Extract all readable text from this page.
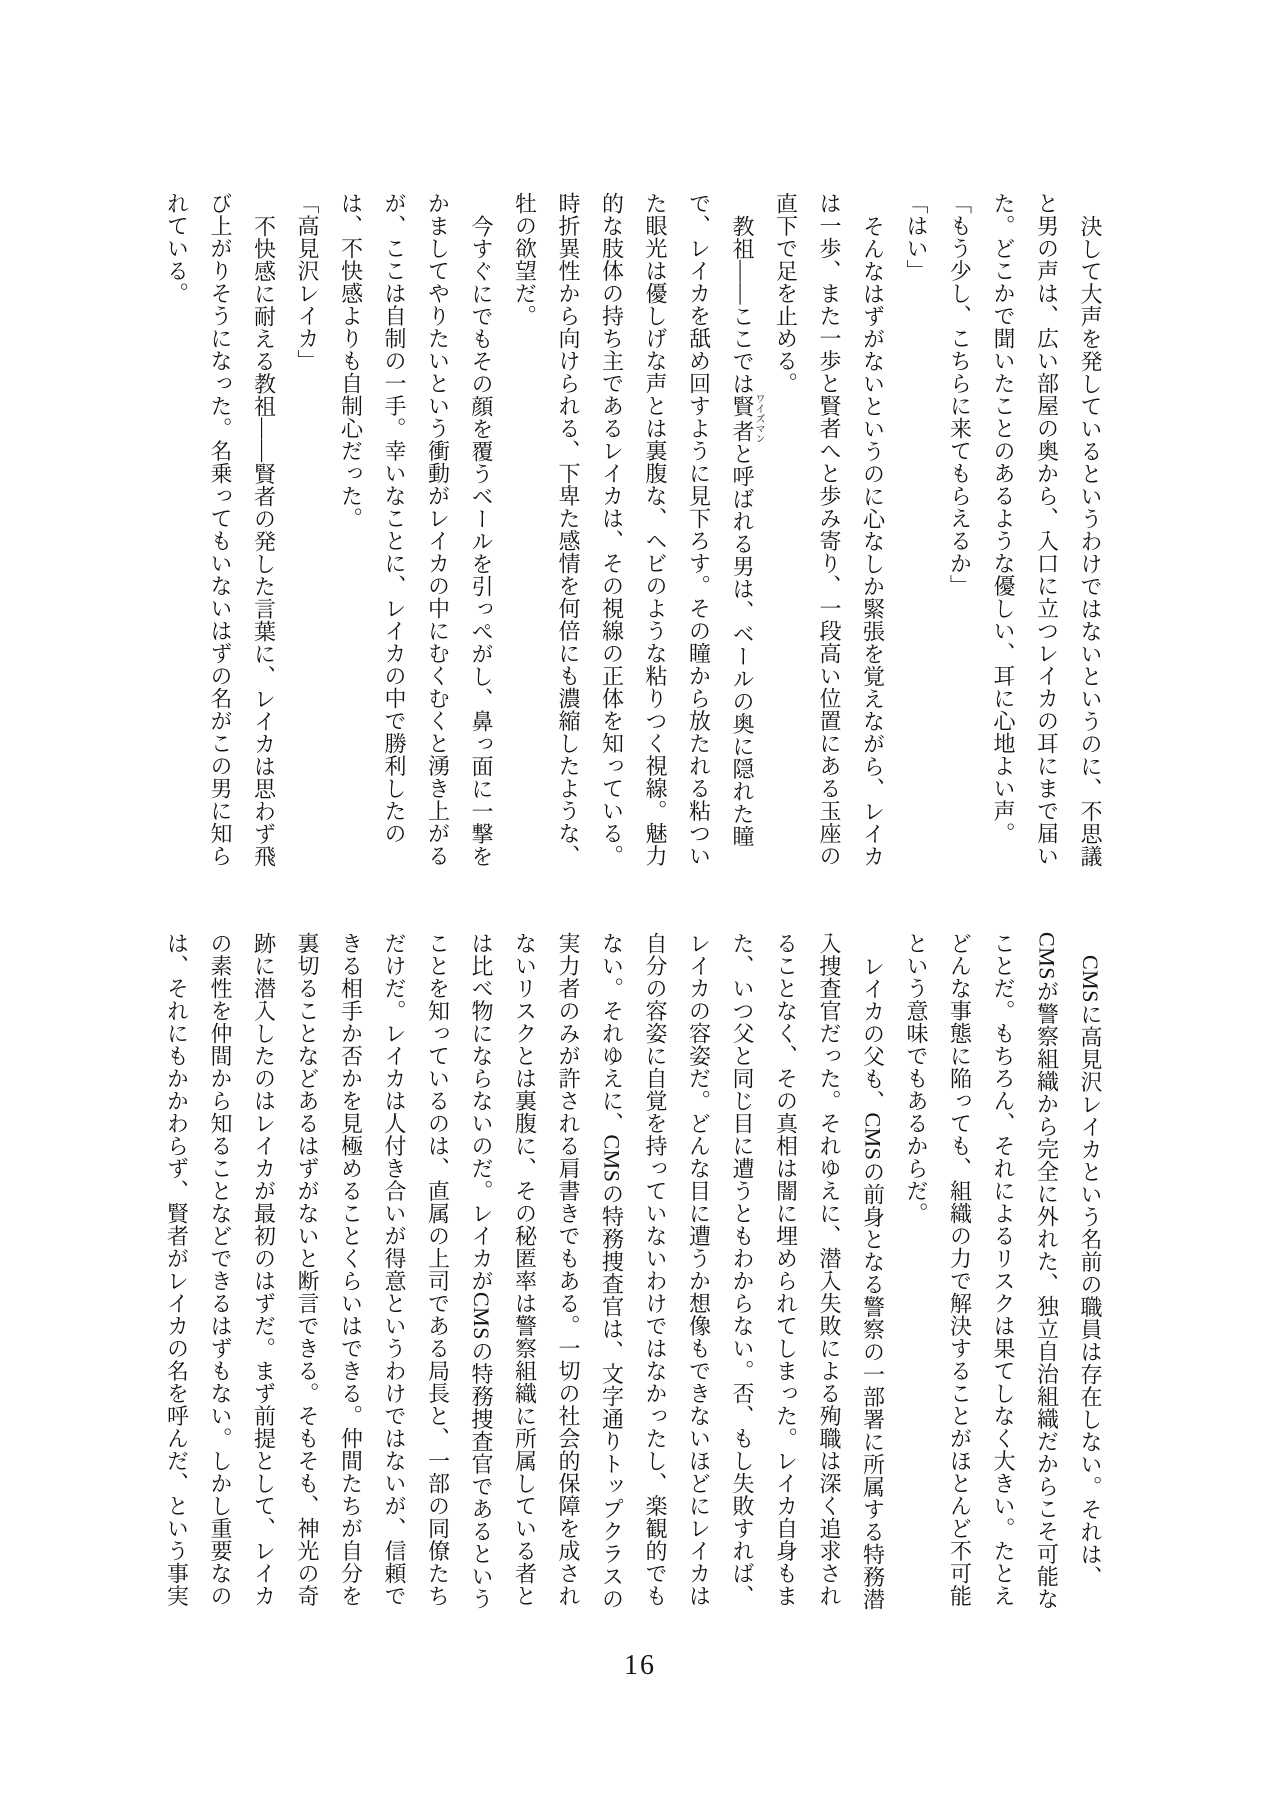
決して大声を発しているというわけではないというのに、不思議と男の声は、広い部屋の奥から、入口に立つレイカの耳にまで届いた。どこかで聞いたことのあるような優しい、耳に心地よい声。

「もう少し、こちらに来てもらえるか」

「はい」

そんなはずがないというのに心なしか緊張を覚えながら、レイカは一歩、また一歩と賢者へと歩み寄り、一段高い位置にある玉座の直下で足を止める。

教祖――ここでは賢者ワイズマンと呼ばれる男は、ベールの奥に隠れた瞳で、レイカを舐め回すように見下ろす。その瞳から放たれる粘ついた眼光は優しげな声とは裏腹な、ヘビのような粘りつく視線。魅力的な肢体の持ち主であるレイカは、その視線の正体を知っている。時折異性から向けられる、下卑た感情を何倍にも濃縮したような、牡の欲望だ。

今すぐにでもその顔を覆うベールを引っぺがし、鼻っ面に一撃をかましてやりたいという衝動がレイカの中にむくむくと湧き上がるが、ここは自制の一手。幸いなことに、レイカの中で勝利したのは、不快感よりも自制心だった。

「高見沢レイカ」

不快感に耐える教祖――賢者の発した言葉に、レイカは思わず飛び上がりそうになった。名乗ってもいないはずの名がこの男に知られている。

CMSに高見沢レイカという名前の職員は存在しない。それは、CMSが警察組織から完全に外れた、独立自治組織だからこそ可能なことだ。もちろん、それによるリスクは果てしなく大きい。たとえどんな事態に陥っても、組織の力で解決することがほとんど不可能という意味でもあるからだ。

レイカの父も、CMSの前身となる警察の一部署に所属する特務潜入捜査官だった。それゆえに、潜入失敗による殉職は深く追求されることなく、その真相は闇に埋められてしまった。レイカ自身もまた、いつ父と同じ目に遭うともわからない。否、もし失敗すれば、レイカの容姿だ。どんな目に遭うか想像もできないほどにレイカは自分の容姿に自覚を持っていないわけではなかったし、楽観的でもない。それゆえに、CMSの特務捜査官は、文字通りトップクラスの実力者のみが許される肩書きでもある。一切の社会的保障を成されないリスクとは裏腹に、その秘匿率は警察組織に所属している者とは比べ物にならないのだ。レイカがCMSの特務捜査官であるということを知っているのは、直属の上司である局長と、一部の同僚たちだけだ。レイカは人付き合いが得意というわけではないが、信頼できる相手か否かを見極めることくらいはできる。仲間たちが自分を裏切ることなどあるはずがないと断言できる。そもそも、神光の奇跡に潜入したのはレイカが最初のはずだ。まず前提として、レイカの素性を仲間から知ることなどできるはずもない。しかし重要なのは、それにもかかわらず、賢者がレイカの名を呼んだ、という事実

16
